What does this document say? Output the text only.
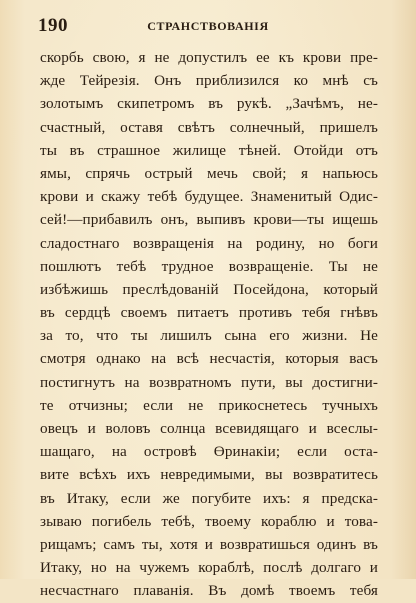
190	СТРАНСТВОВАНІЯ
скорбь свою, я не допустилъ ее къ крови пре-
жде Тейрезія. Онъ приблизился ко мнѣ съ
золотымъ скипетромъ въ рукѣ. „Зачѣмъ, не-
счастный, оставя свѣтъ солнечный, пришелъ
ты въ страшное жилище тѣней. Отойди отъ
ямы, спрячь острый мечь свой; я напьюсь
крови и скажу тебѣ будущее. Знаменитый Одис-
сей!—прибавилъ онъ, выпивъ крови—ты ищешь
сладостнаго возвращенія на родину, но боги
пошлютъ тебѣ трудное возвращеніе. Ты не
избѣжишь преслѣдованій Посейдона, который
въ сердцѣ своемъ питаетъ противъ тебя гнѣвъ
за то, что ты лишилъ сына его жизни. Не
смотря однако на всѣ несчастія, которыя васъ
постигнутъ на возвратномъ пути, вы достигни-
те отчизны; если не прикоснетесь тучныхъ
овецъ и воловъ солнца всевидящаго и всеслы-
шащаго, на островѣ Өринакіи; если оста-
вите всѣхъ ихъ невредимыми, вы возвратитесь
въ Итаку, если же погубите ихъ: я предска-
зываю погибель тебѣ, твоему кораблю и това-
рищамъ; самъ ты, хотя и возвратишься одинъ въ
Итаку, но на чужемъ кораблѣ, послѣ долгаго и
несчастнаго плаванія. Въ домѣ твоемъ тебя
